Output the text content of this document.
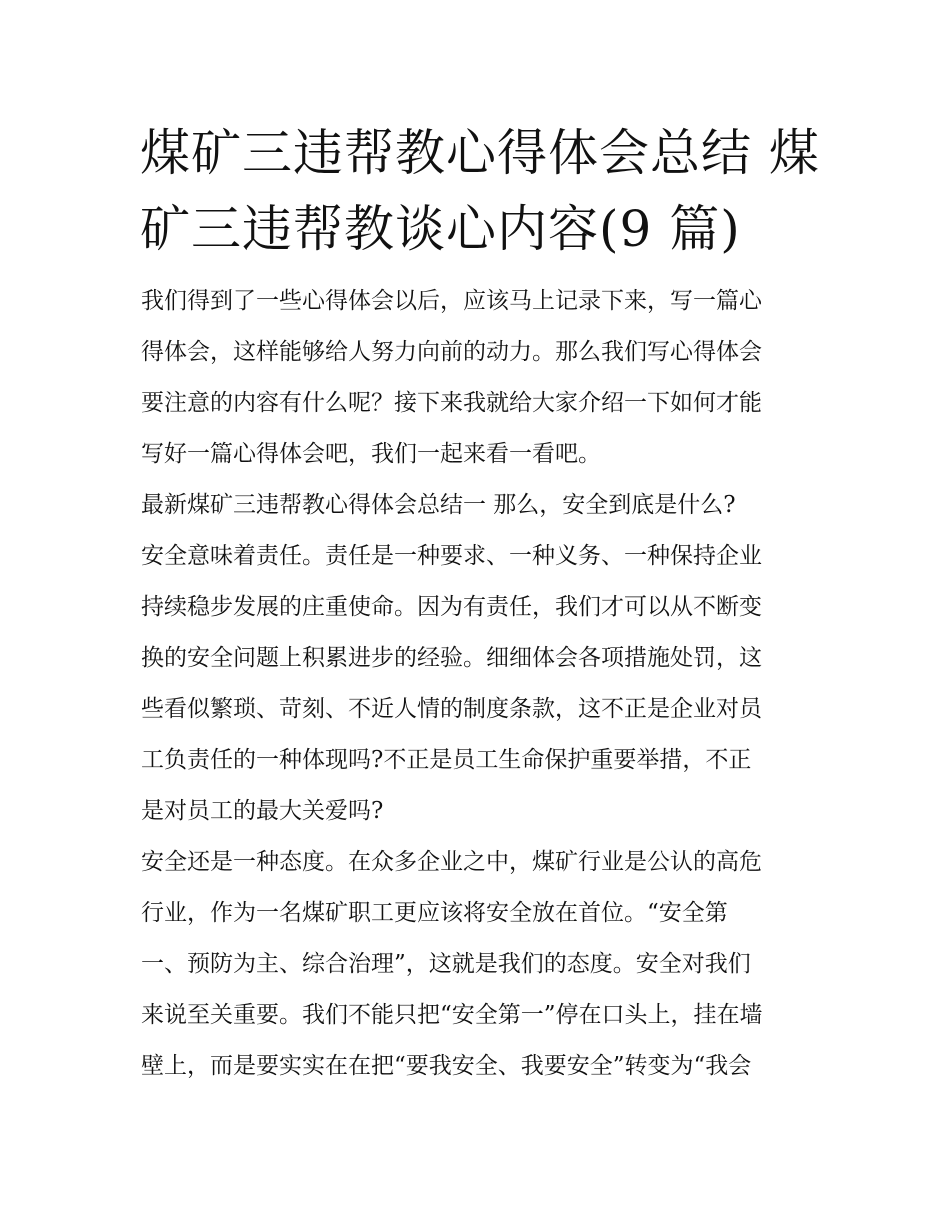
煤矿三违帮教心得体会总结 煤
矿三违帮教谈心内容(9 篇)
我们得到了一些心得体会以后，应该马上记录下来，写一篇心
得体会，这样能够给人努力向前的动力。那么我们写心得体会
要注意的内容有什么呢？接下来我就给大家介绍一下如何才能
写好一篇心得体会吧，我们一起来看一看吧。
最新煤矿三违帮教心得体会总结一 那么，安全到底是什么?
安全意味着责任。责任是一种要求、一种义务、一种保持企业
持续稳步发展的庄重使命。因为有责任，我们才可以从不断变
换的安全问题上积累进步的经验。细细体会各项措施处罚，这
些看似繁琐、苛刻、不近人情的制度条款，这不正是企业对员
工负责任的一种体现吗?不正是员工生命保护重要举措，不正
是对员工的最大关爱吗?
安全还是一种态度。在众多企业之中，煤矿行业是公认的高危
行业，作为一名煤矿职工更应该将安全放在首位。“安全第
一、预防为主、综合治理”，这就是我们的态度。安全对我们
来说至关重要。我们不能只把“安全第一”停在口头上，挂在墙
壁上，而是要实实在在把“要我安全、我要安全”转变为“我会
